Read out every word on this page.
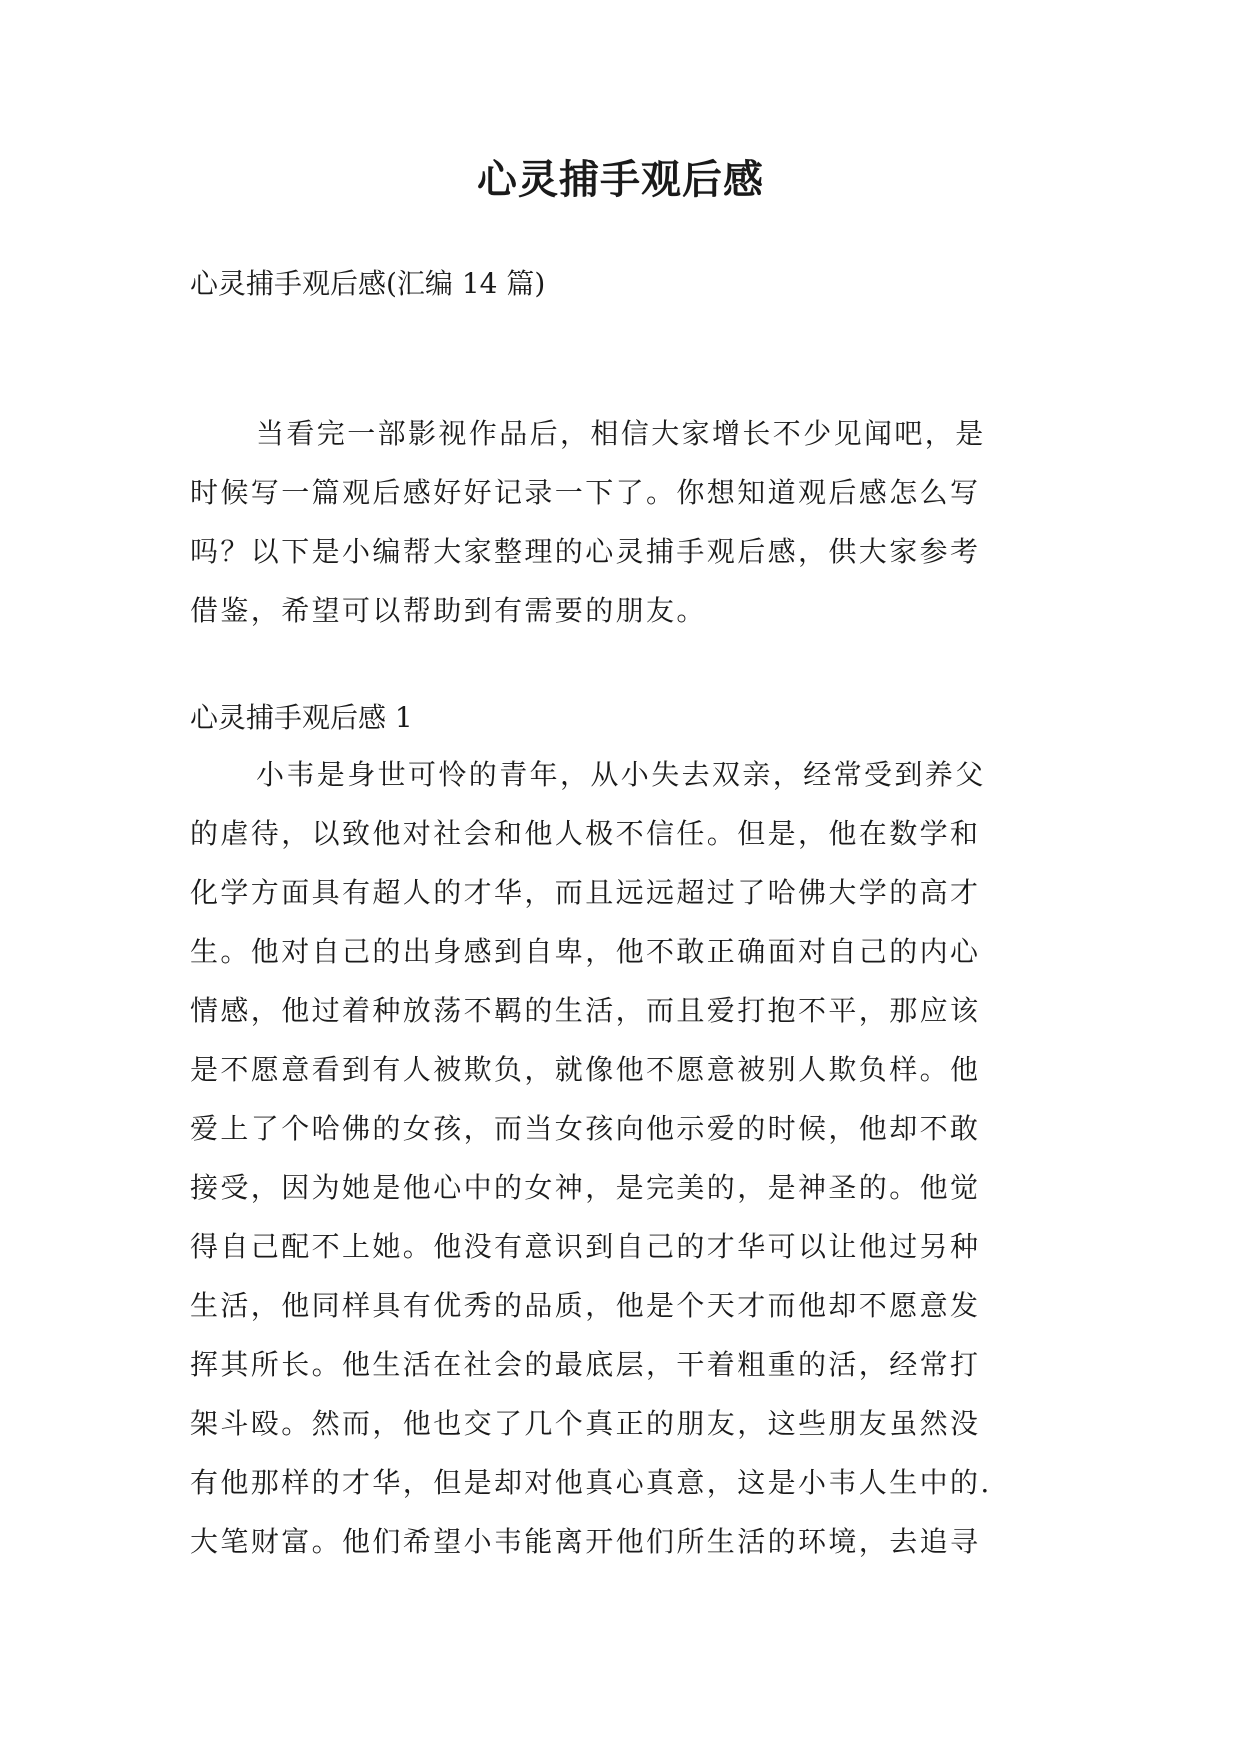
心灵捕手观后感
心灵捕手观后感(汇编 14 篇)
当看完一部影视作品后，相信大家增长不少见闻吧，是
时候写一篇观后感好好记录一下了。你想知道观后感怎么写
吗？以下是小编帮大家整理的心灵捕手观后感，供大家参考
借鉴，希望可以帮助到有需要的朋友。
心灵捕手观后感 1
小韦是身世可怜的青年，从小失去双亲，经常受到养父
的虐待，以致他对社会和他人极不信任。但是，他在数学和
化学方面具有超人的才华，而且远远超过了哈佛大学的高才
生。他对自己的出身感到自卑，他不敢正确面对自己的内心
情感，他过着种放荡不羁的生活，而且爱打抱不平，那应该
是不愿意看到有人被欺负，就像他不愿意被别人欺负样。他
爱上了个哈佛的女孩，而当女孩向他示爱的时候，他却不敢
接受，因为她是他心中的女神，是完美的，是神圣的。他觉
得自己配不上她。他没有意识到自己的才华可以让他过另种
生活，他同样具有优秀的品质，他是个天才而他却不愿意发
挥其所长。他生活在社会的最底层，干着粗重的活，经常打
架斗殴。然而，他也交了几个真正的朋友，这些朋友虽然没
有他那样的才华，但是却对他真心真意，这是小韦人生中的.
大笔财富。他们希望小韦能离开他们所生活的环境，去追寻
